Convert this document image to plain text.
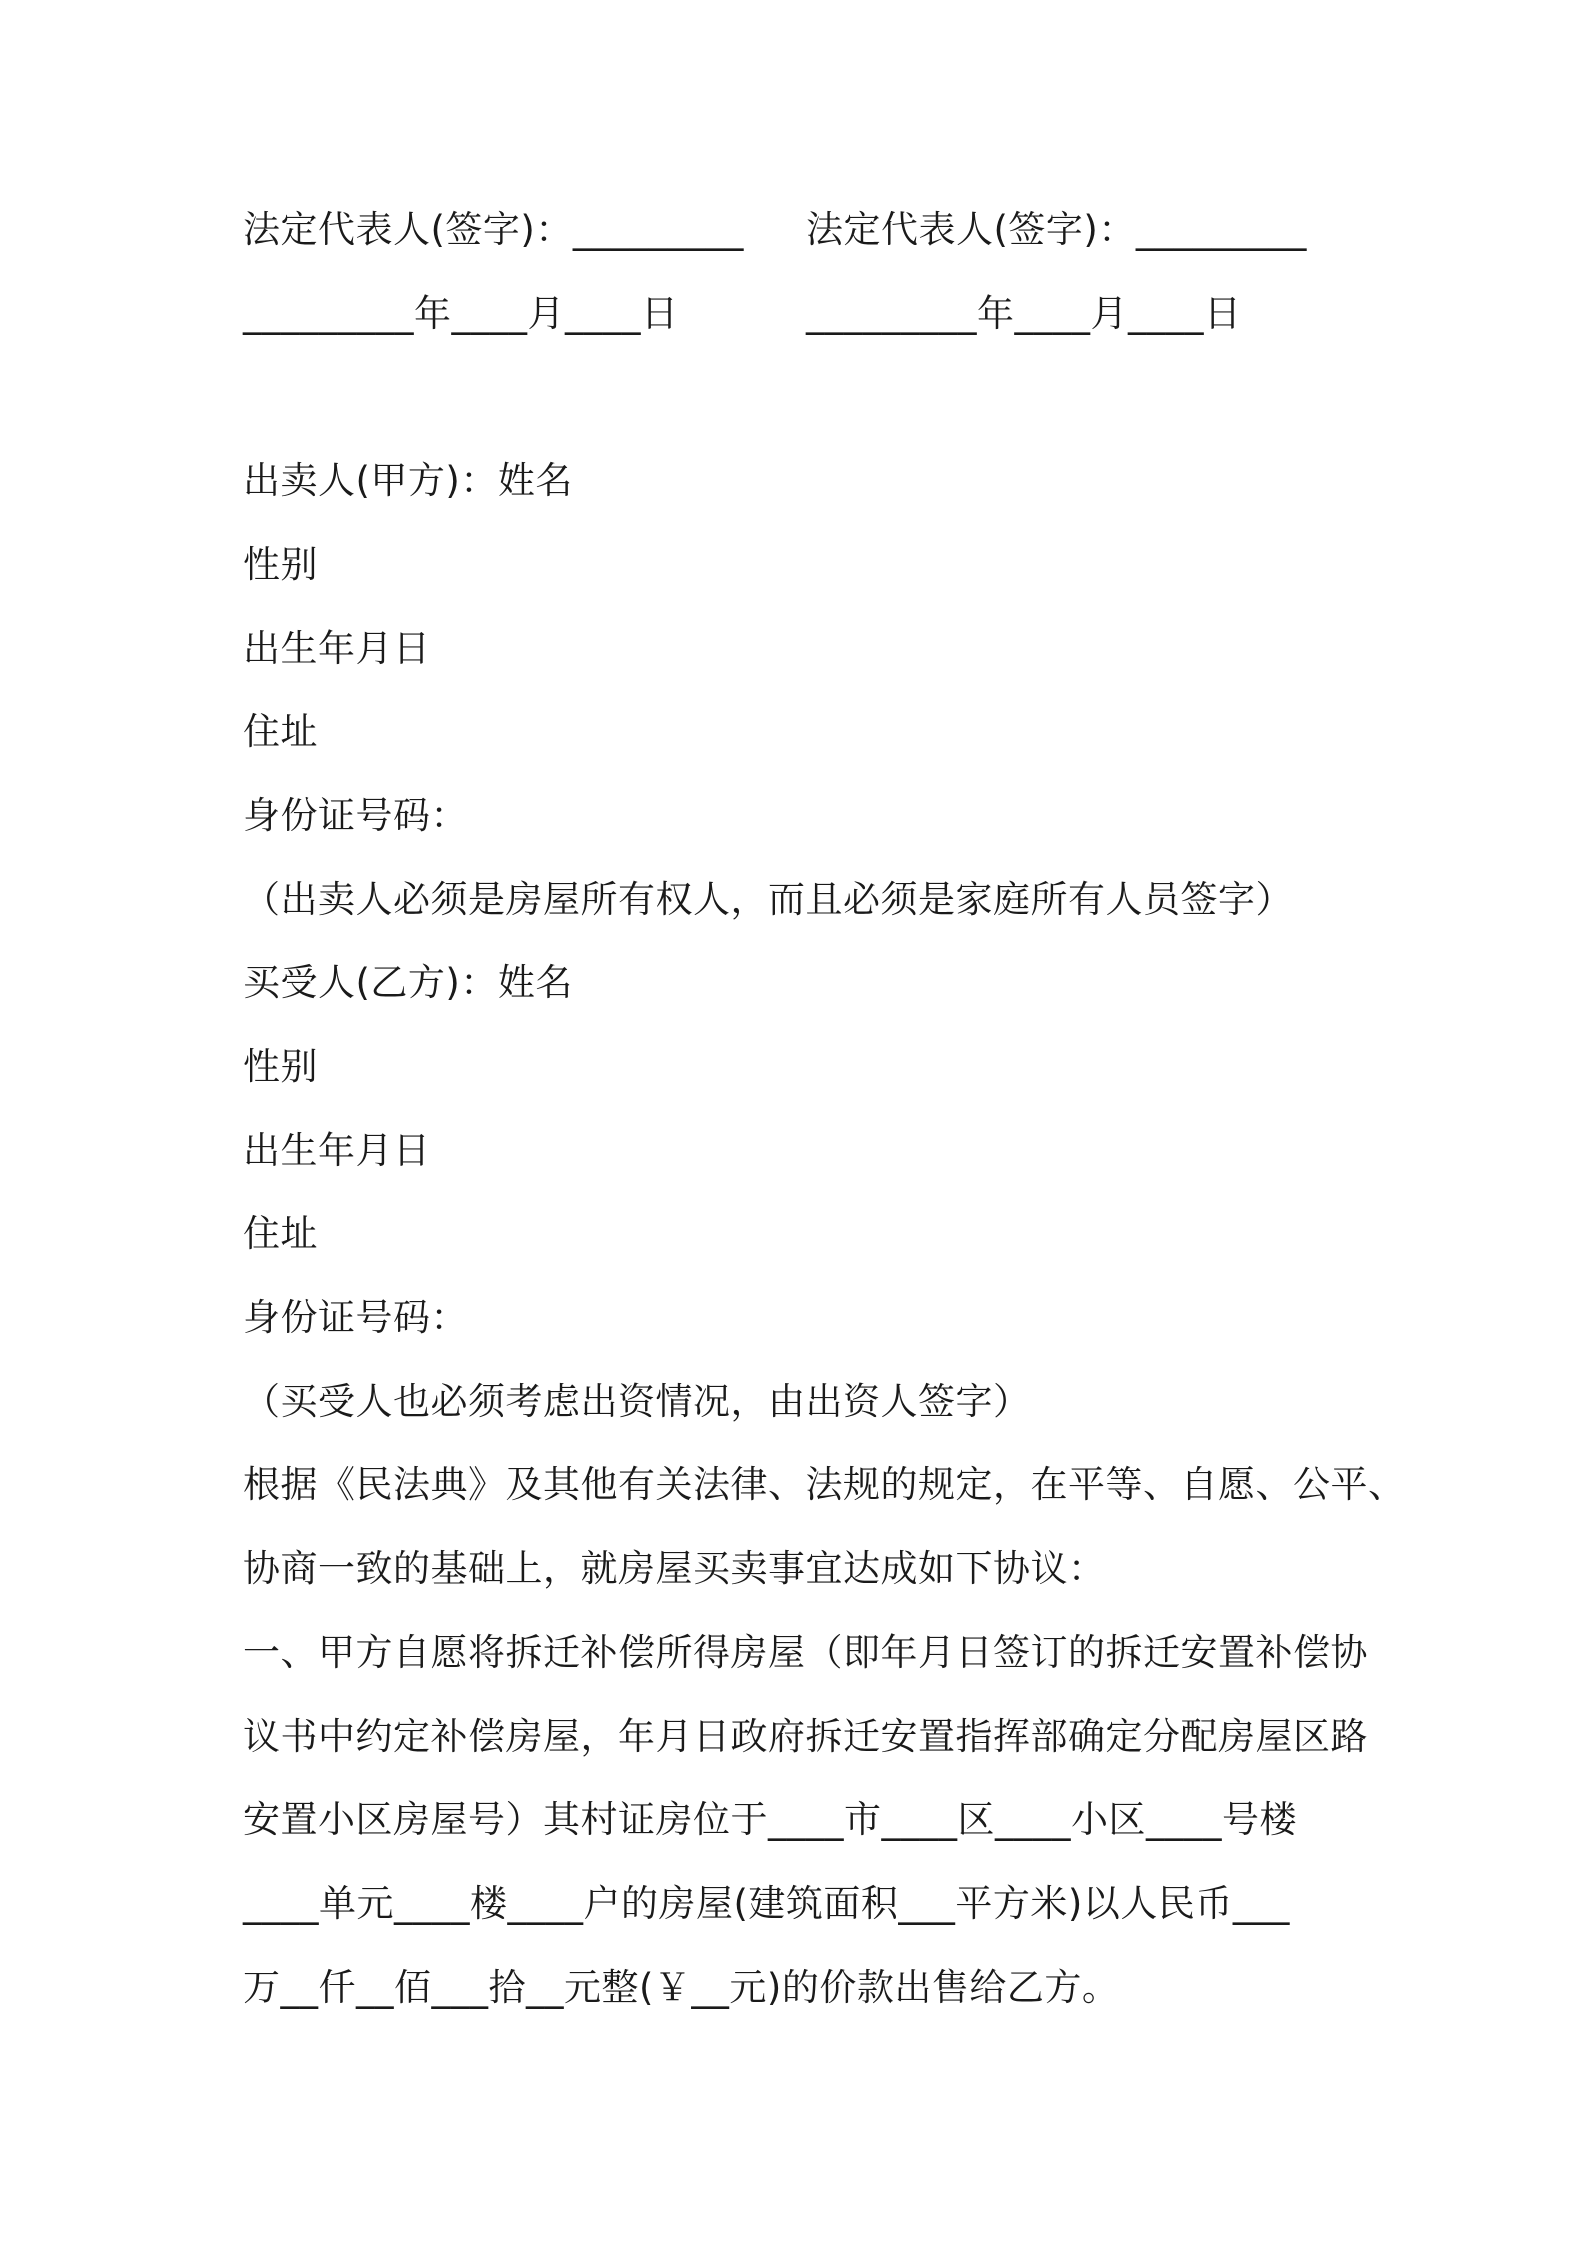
法定代表人(签字)：_________ 法定代表人(签字)：_________

_________年____月____日	_________年____月____日

出卖人(甲方)：姓名

性别

出生年月日

住址

身份证号码：

（出卖人必须是房屋所有权人，而且必须是家庭所有人员签字）

买受人(乙方)：姓名

性别

出生年月日

住址

身份证号码：

（买受人也必须考虑出资情况，由出资人签字）

根据《民法典》及其他有关法律、法规的规定，在平等、自愿、公平、

协商一致的基础上，就房屋买卖事宜达成如下协议：

一、甲方自愿将拆迁补偿所得房屋（即年月日签订的拆迁安置补偿协

议书中约定补偿房屋，年月日政府拆迁安置指挥部确定分配房屋区路

安置小区房屋号）其村证房位于____市____区____小区____号楼

____单元____楼____户的房屋(建筑面积___平方米)以人民币___

万__仟__佰___拾__元整(￥__元)的价款出售给乙方。
